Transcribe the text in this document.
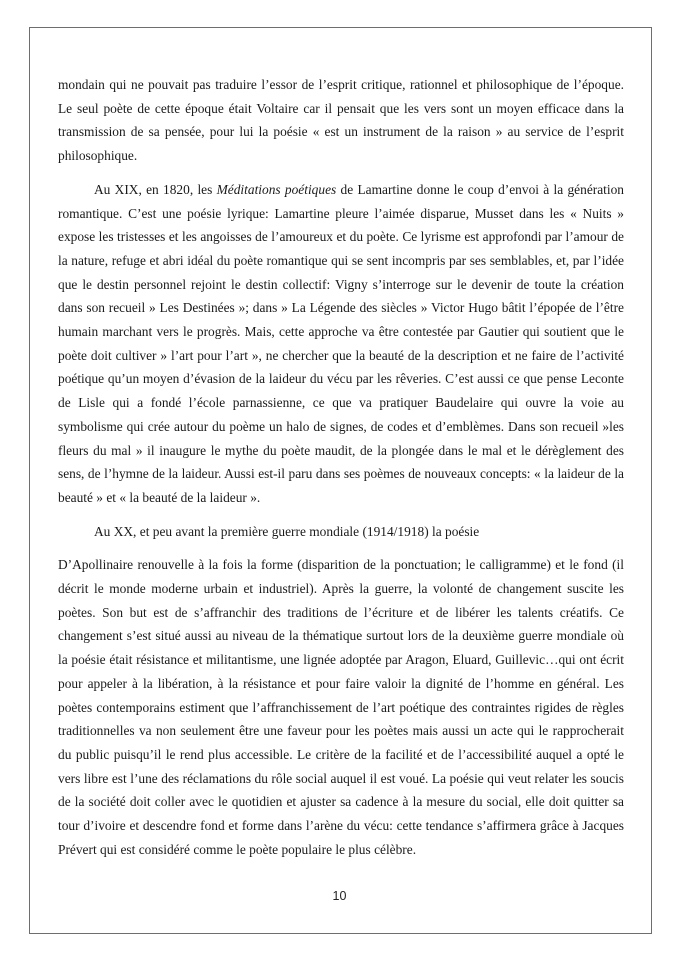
mondain qui ne pouvait pas traduire l’essor de l’esprit critique, rationnel et philosophique de l’époque. Le seul poète de cette époque était Voltaire car il pensait que les vers sont un moyen efficace dans la transmission de sa pensée, pour lui la poésie « est un instrument de la raison » au service de l’esprit philosophique.

Au XIX, en 1820, les Méditations poétiques de Lamartine donne le coup d’envoi à la génération romantique. C’est une poésie lyrique: Lamartine pleure l’aimée disparue, Musset dans les « Nuits » expose les tristesses et les angoisses de l’amoureux et du poète. Ce lyrisme est approfondi par l’amour de la nature, refuge et abri idéal du poète romantique qui se sent incompris par ses semblables, et, par l’idée que le destin personnel rejoint le destin collectif: Vigny s’interroge sur le devenir de toute la création dans son recueil » Les Destinées »; dans » La Légende des siècles » Victor Hugo bâtit l’épopée de l’être humain marchant vers le progrès. Mais, cette approche va être contestée par Gautier qui soutient que le poète doit cultiver » l’art pour l’art », ne chercher que la beauté de la description et ne faire de l’activité poétique qu’un moyen d’évasion de la laideur du vécu par les rêveries. C’est aussi ce que pense Leconte de Lisle qui a fondé l’école parnassienne, ce que va pratiquer Baudelaire qui ouvre la voie au symbolisme qui crée autour du poème un halo de signes, de codes et d’emblèmes. Dans son recueil »les fleurs du mal » il inaugure le mythe du poète maudit, de la plongée dans le mal et le dérèglement des sens, de l’hymne de la laideur. Aussi est-il paru dans ses poèmes de nouveaux concepts: « la laideur de la beauté » et « la beauté de la laideur ».

Au XX, et peu avant la première guerre mondiale (1914/1918) la poésie

D’Apollinaire renouvelle à la fois la forme (disparition de la ponctuation; le calligramme) et le fond (il décrit le monde moderne urbain et industriel). Après la guerre, la volonté de changement suscite les poètes. Son but est de s’affranchir des traditions de l’écriture et de libérer les talents créatifs. Ce changement s’est situé aussi au niveau de la thématique surtout lors de la deuxième guerre mondiale où la poésie était résistance et militantisme, une lignée adoptée par Aragon, Eluard, Guillevic…qui ont écrit pour appeler à la libération, à la résistance et pour faire valoir la dignité de l’homme en général. Les poètes contemporains estiment que l’affranchissement de l’art poétique des contraintes rigides de règles traditionnelles va non seulement être une faveur pour les poètes mais aussi un acte qui le rapprocherait du public puisqu’il le rend plus accessible. Le critère de la facilité et de l’accessibilité auquel a opté le vers libre est l’une des réclamations du rôle social auquel il est voué. La poésie qui veut relater les soucis de la société doit coller avec le quotidien et ajuster sa cadence à la mesure du social, elle doit quitter sa tour d’ivoire et descendre fond et forme dans l’arène du vécu: cette tendance s’affirmera grâce à Jacques Prévert qui est considéré comme le poète populaire le plus célèbre.

10
